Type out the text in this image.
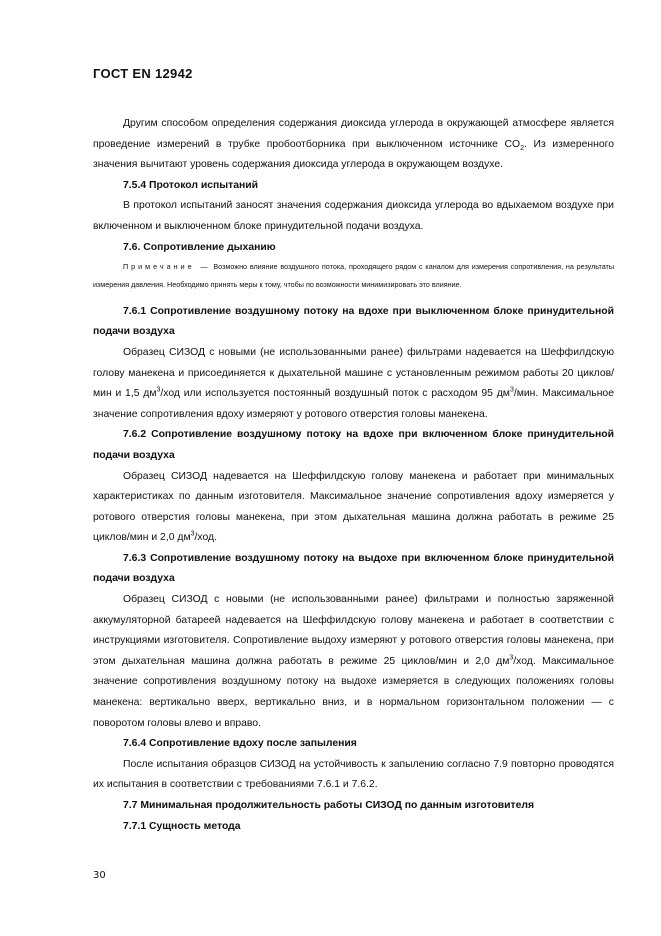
ГОСТ EN 12942

Другим способом определения содержания диоксида углерода в окружающей атмосфере является проведение измерений в трубке пробоотборника при выключенном источнике $CO_2$. Из измеренного значения вычитают уровень содержания диоксида углерода в окружающем воздухе.

7.5.4 Протокол испытаний

В протокол испытаний заносят значения содержания диоксида углерода во вдыхаемом воздухе при включенном и выключенном блоке принудительной подачи воздуха.

7.6. Сопротивление дыханию

Примечание — Возможно влияние воздушного потока, проходящего рядом с каналом для измерения сопротивления, на результаты измерения давления. Необходимо принять меры к тому, чтобы по возможности минимизировать это влияние.

7.6.1 Сопротивление воздушному потоку на вдохе при выключенном блоке принудительной подачи воздуха

Образец СИЗОД с новыми (не использованными ранее) фильтрами надевается на Шеффилдскую голову манекена и присоединяется к дыхательной машине с установленным режимом работы 20 циклов/мин и 1,5 $дм^3$/ход или используется постоянный воздушный поток с расходом 95 $дм^3$/мин. Максимальное значение сопротивления вдоху измеряют у ротового отверстия головы манекена.

7.6.2 Сопротивление воздушному потоку на вдохе при включенном блоке принудительной подачи воздуха

Образец СИЗОД надевается на Шеффилдскую голову манекена и работает при минимальных характеристиках по данным изготовителя. Максимальное значение сопротивления вдоху измеряется у ротового отверстия головы манекена, при этом дыхательная машина должна работать в режиме 25 циклов/мин и 2,0 $дм^3$/ход.

7.6.3 Сопротивление воздушному потоку на выдохе при включенном блоке принудительной подачи воздуха

Образец СИЗОД с новыми (не использованными ранее) фильтрами и полностью заряженной аккумуляторной батареей надевается на Шеффилдскую голову манекена и работает в соответствии с инструкциями изготовителя. Сопротивление выдоху измеряют у ротового отверстия головы манекена, при этом дыхательная машина должна работать в режиме 25 циклов/мин и 2,0 $дм^3$/ход. Максимальное значение сопротивления воздушному потоку на выдохе измеряется в следующих положениях головы манекена: вертикально вверх, вертикально вниз, и в нормальном горизонтальном положении — с поворотом головы влево и вправо.

7.6.4 Сопротивление вдоху после запыления

После испытания образцов СИЗОД на устойчивость к запылению согласно 7.9 повторно проводятся их испытания в соответствии с требованиями 7.6.1 и 7.6.2.

7.7 Минимальная продолжительность работы СИЗОД по данным изготовителя

7.7.1 Сущность метода

30
